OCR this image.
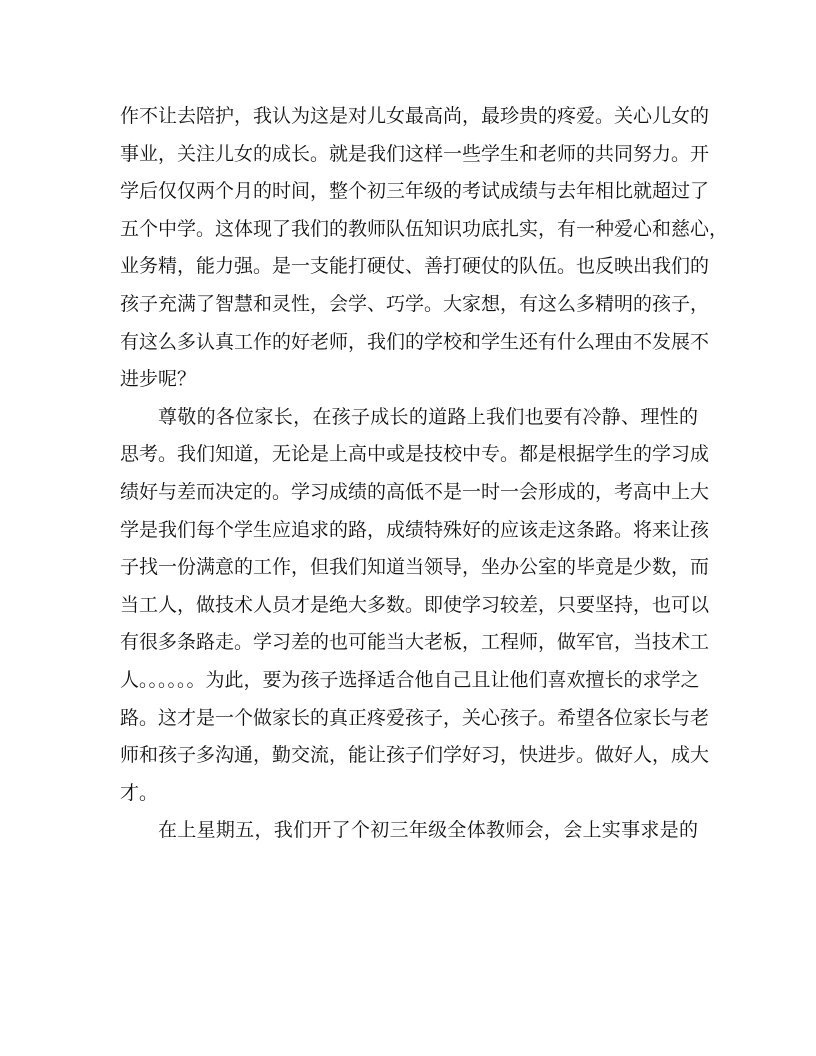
作不让去陪护，我认为这是对儿女最高尚，最珍贵的疼爱。关心儿女的
事业，关注儿女的成长。就是我们这样一些学生和老师的共同努力。开
学后仅仅两个月的时间，整个初三年级的考试成绩与去年相比就超过了
五个中学。这体现了我们的教师队伍知识功底扎实，有一种爱心和慈心，
业务精，能力强。是一支能打硬仗、善打硬仗的队伍。也反映出我们的
孩子充满了智慧和灵性，会学、巧学。大家想，有这么多精明的孩子，
有这么多认真工作的好老师，我们的学校和学生还有什么理由不发展不
进步呢？
尊敬的各位家长，在孩子成长的道路上我们也要有冷静、理性的
思考。我们知道，无论是上高中或是技校中专。都是根据学生的学习成
绩好与差而决定的。学习成绩的高低不是一时一会形成的，考高中上大
学是我们每个学生应追求的路，成绩特殊好的应该走这条路。将来让孩
子找一份满意的工作，但我们知道当领导，坐办公室的毕竟是少数，而
当工人，做技术人员才是绝大多数。即使学习较差，只要坚持，也可以
有很多条路走。学习差的也可能当大老板，工程师，做军官，当技术工
人。。。。。。为此，要为孩子选择适合他自己且让他们喜欢擅长的求学之
路。这才是一个做家长的真正疼爱孩子，关心孩子。希望各位家长与老
师和孩子多沟通，勤交流，能让孩子们学好习，快进步。做好人，成大
才。
在上星期五，我们开了个初三年级全体教师会，会上实事求是的
